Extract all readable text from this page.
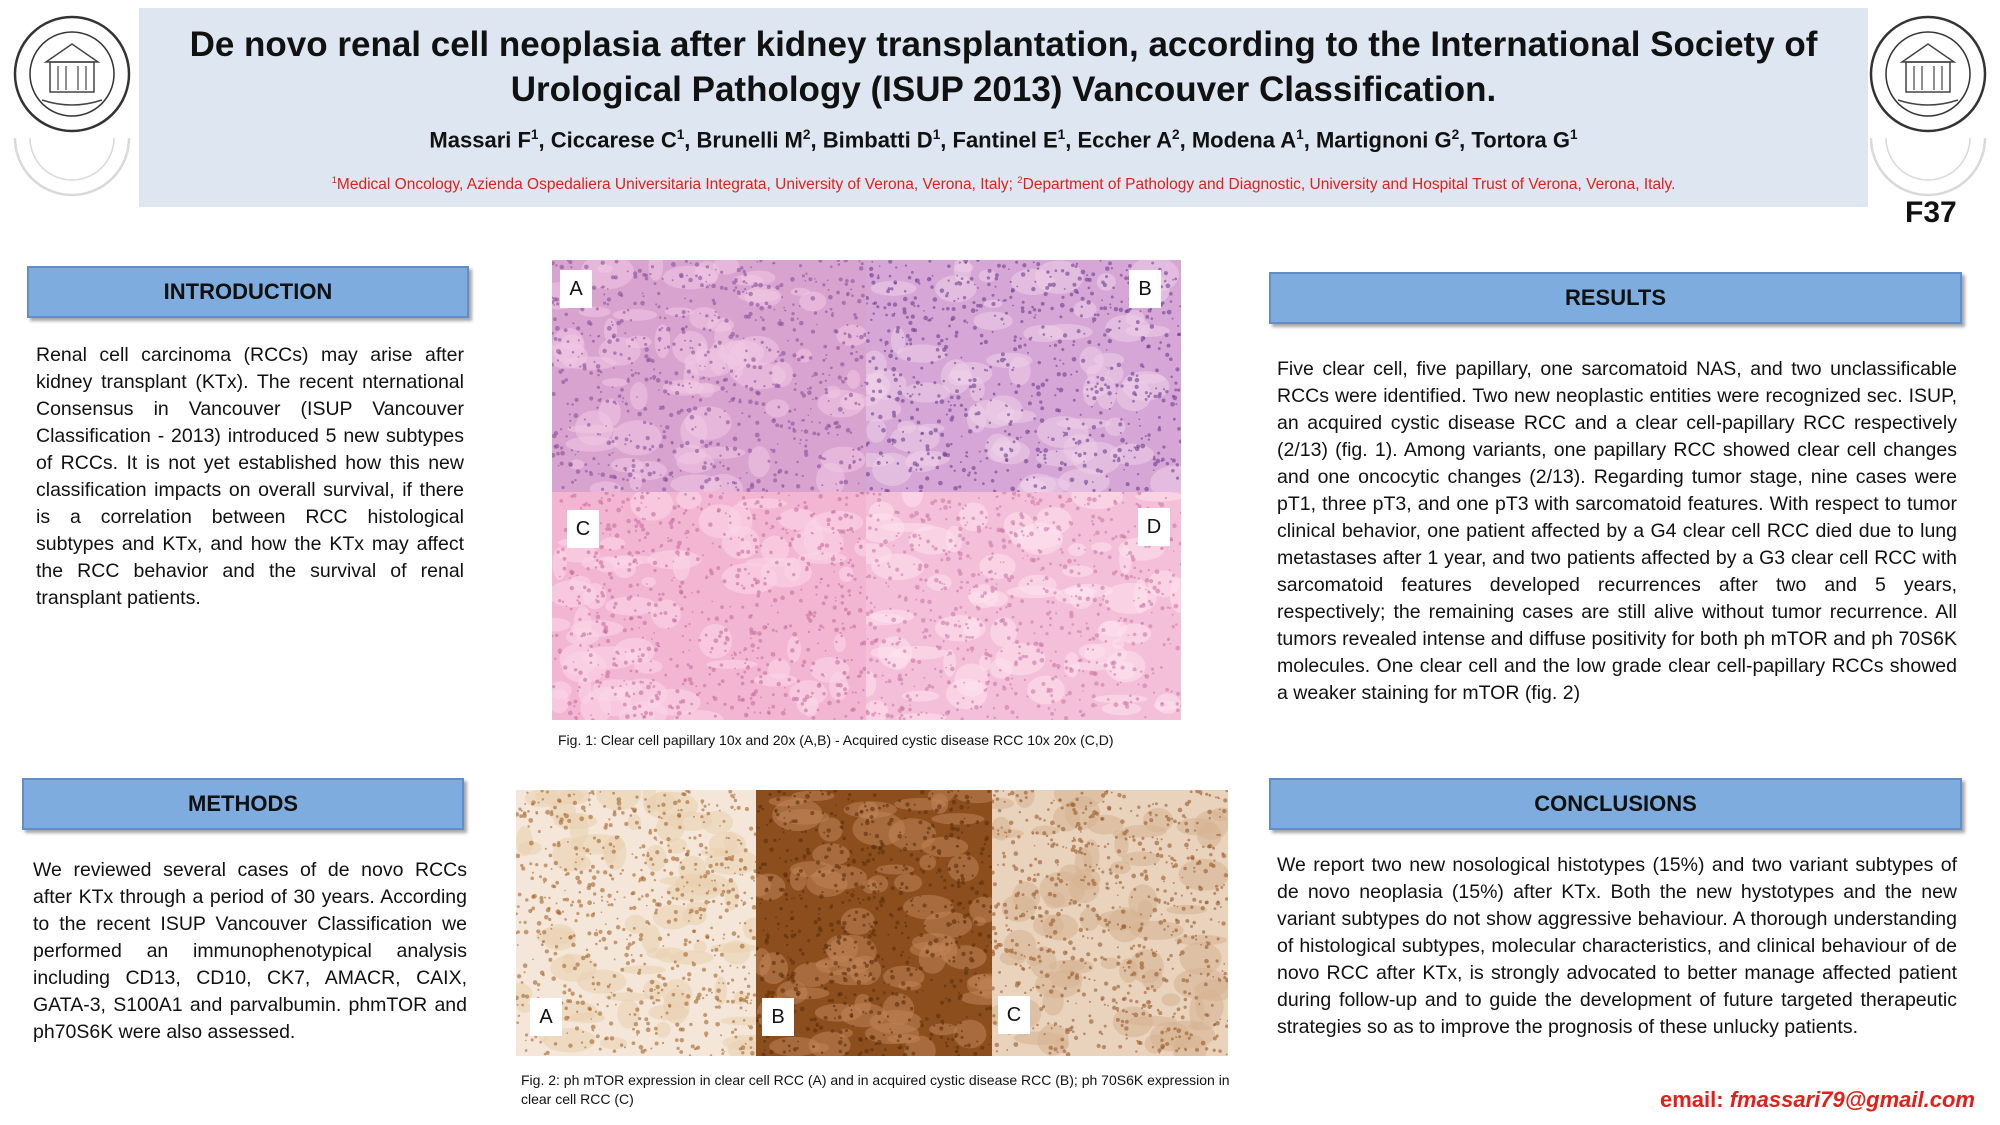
De novo renal cell neoplasia after kidney transplantation, according to the International Society of
Urological Pathology (ISUP 2013) Vancouver Classification.
Massari $F^1$, Ciccarese $C^1$, Brunelli $M^2$, Bimbatti $D^1$, Fantinel $E^1$, Eccher $A^2$, Modena $A^1$, Martignoni $G^2$, Tortora $G^1$
$^1$Medical Oncology, Azienda Ospedaliera Universitaria Integrata, University of Verona, Verona, Italy; $^2$Department of Pathology and Diagnostic, University and Hospital Trust of Verona, Verona, Italy.
F37
INTRODUCTION
Renal cell carcinoma (RCCs) may arise after kidney transplant (KTx). The recent nternational Consensus in Vancouver (ISUP Vancouver Classification - 2013) introduced 5 new subtypes of RCCs. It is not yet established how this new classification impacts on overall survival, if there is a correlation between RCC histological subtypes and KTx, and how the KTx may affect the RCC behavior and the survival of renal transplant patients.
METHODS
We reviewed several cases of de novo RCCs after KTx through a period of 30 years. According to the recent ISUP Vancouver Classification we performed an immunophenotypical analysis including CD13, CD10, CK7, AMACR, CAIX, GATA-3, S100A1 and parvalbumin. phmTOR and ph70S6K were also assessed.
RESULTS
Five clear cell, five papillary, one sarcomatoid NAS, and two unclassificable RCCs were identified. Two new neoplastic entities were recognized sec. ISUP, an acquired cystic disease RCC and a clear cell-papillary RCC respectively (2/13) (fig. 1). Among variants, one papillary RCC showed clear cell changes and one oncocytic changes (2/13). Regarding tumor stage, nine cases were pT1, three pT3, and one pT3 with sarcomatoid features. With respect to tumor clinical behavior, one patient affected by a G4 clear cell RCC died due to lung metastases after 1 year, and two patients affected by a G3 clear cell RCC with sarcomatoid features developed recurrences after two and 5 years, respectively; the remaining cases are still alive without tumor recurrence. All tumors revealed intense and diffuse positivity for both ph mTOR and ph 70S6K molecules. One clear cell and the low grade clear cell-papillary RCCs showed a weaker staining for mTOR (fig. 2)
CONCLUSIONS
We report two new nosological histotypes (15%) and two variant subtypes of de novo neoplasia (15%) after KTx. Both the new hystotypes and the new variant subtypes do not show aggressive behaviour. A thorough understanding of histological subtypes, molecular characteristics, and clinical behaviour of de novo RCC after KTx, is strongly advocated to better manage affected patient during follow-up and to guide the development of future targeted therapeutic strategies so as to improve the prognosis of these unlucky patients.
A	B
C	D
Fig. 1: Clear cell papillary 10x and 20x (A,B) - Acquired cystic disease RCC 10x 20x (C,D)
A	B	C
Fig. 2: ph mTOR expression in clear cell RCC (A) and in acquired cystic disease RCC (B); ph 70S6K expression in clear cell RCC (C)	email: fmassari79@gmail.com
